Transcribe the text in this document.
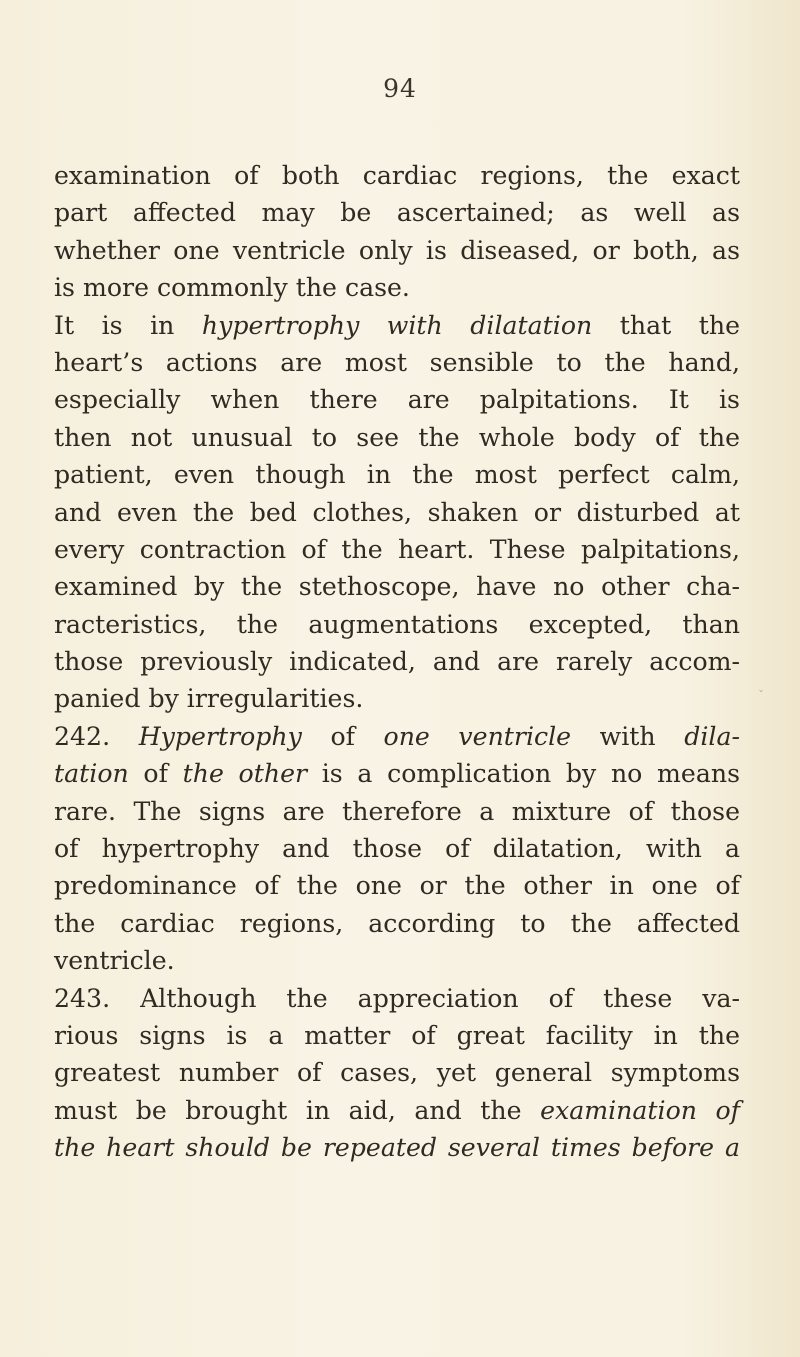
94
examination of both cardiac regions, the exact
part affected may be ascertained; as well as
whether one ventricle only is diseased, or both, as
is more commonly the case.
It is in hypertrophy with dilatation that the
heart’s actions are most sensible to the hand,
especially when there are palpitations. It is
then not unusual to see the whole body of the
patient, even though in the most perfect calm,
and even the bed clothes, shaken or disturbed at
every contraction of the heart. These palpitations,
examined by the stethoscope, have no other cha-
racteristics, the augmentations excepted, than
those previously indicated, and are rarely accom-
panied by irregularities.
242. Hypertrophy of one ventricle with dila-
tation of the other is a complication by no means
rare. The signs are therefore a mixture of those
of hypertrophy and those of dilatation, with a
predominance of the one or the other in one of
the cardiac regions, according to the affected
ventricle.
243. Although the appreciation of these va-
rious signs is a matter of great facility in the
greatest number of cases, yet general symptoms
must be brought in aid, and the examination of
the heart should be repeated several times before a
˯
